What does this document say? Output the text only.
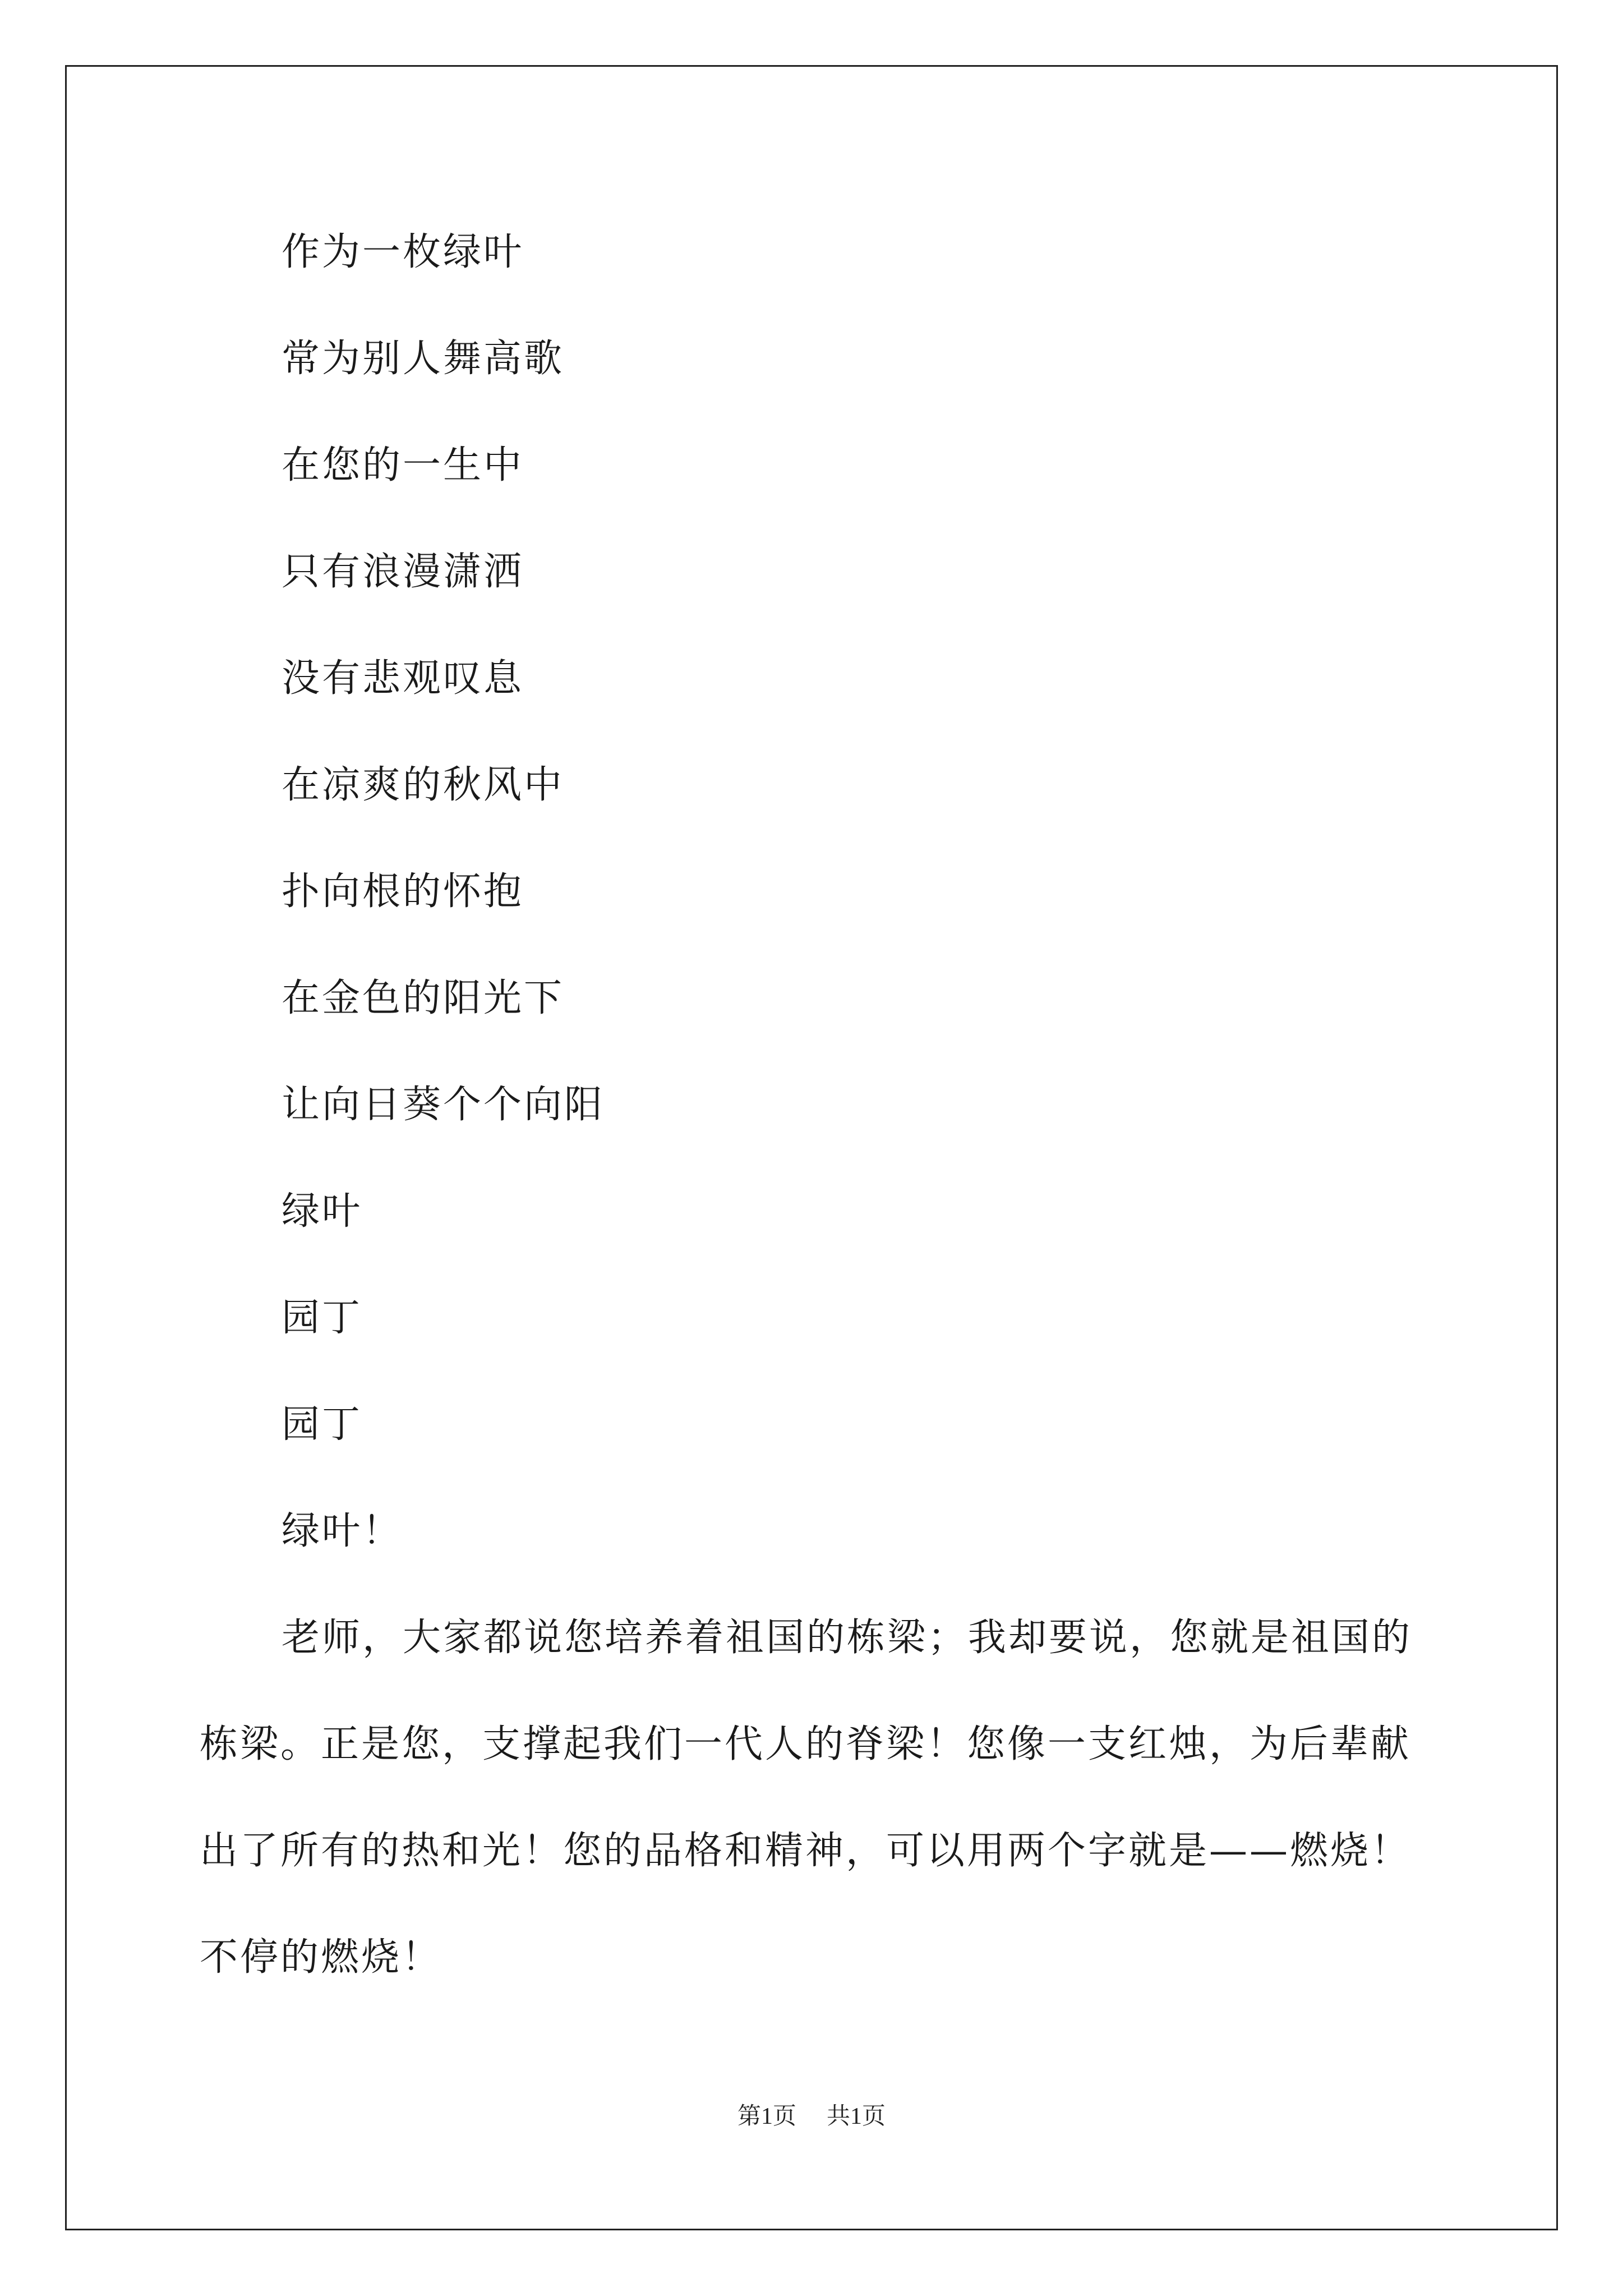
作为一枚绿叶
常为别人舞高歌
在您的一生中
只有浪漫潇洒
没有悲观叹息
在凉爽的秋风中
扑向根的怀抱
在金色的阳光下
让向日葵个个向阳
绿叶
园丁
园丁
绿叶！
老师，大家都说您培养着祖国的栋梁；我却要说，您就是祖国的
栋梁。正是您，支撑起我们一代人的脊梁！您像一支红烛，为后辈献
出了所有的热和光！您的品格和精神，可以用两个字就是——燃烧！
不停的燃烧！
第1页 共1页
